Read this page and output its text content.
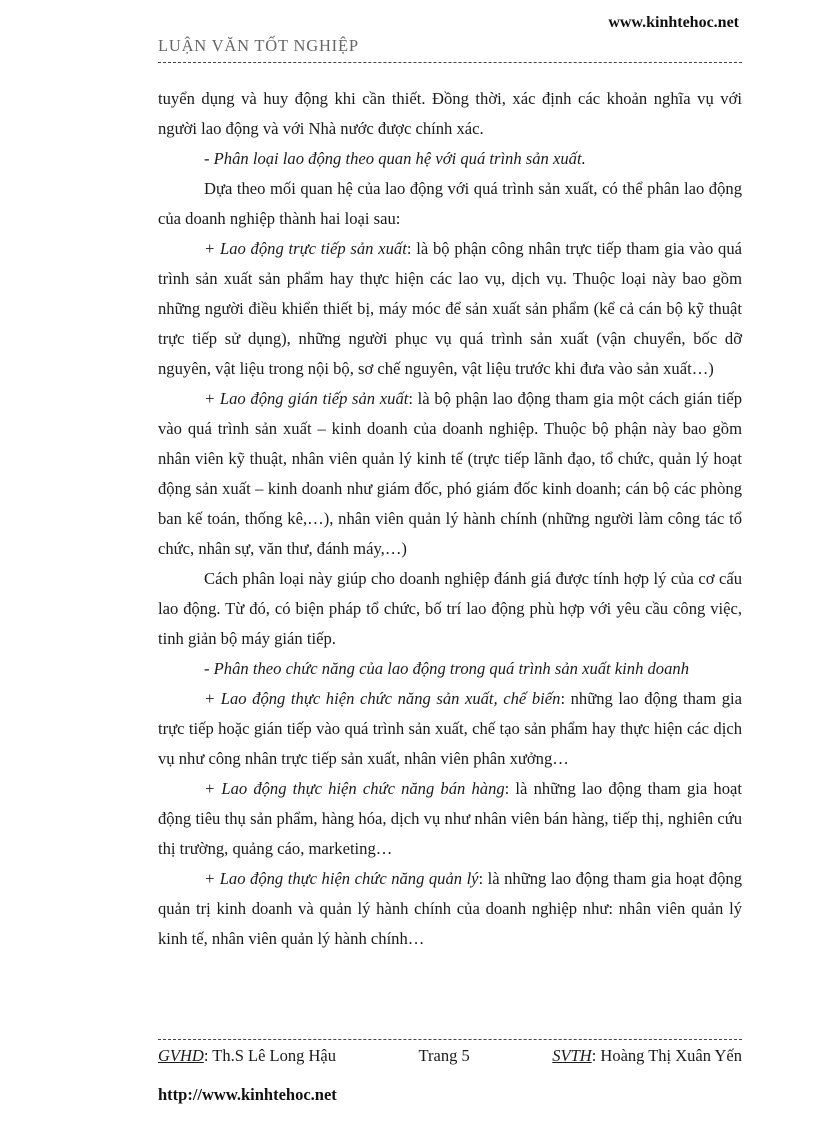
www.kinhtehoc.net
LUẬN VĂN TỐT NGHIỆP

tuyển dụng và huy động khi cần thiết. Đồng thời, xác định các khoản nghĩa vụ với người lao động và với Nhà nước được chính xác.

- Phân loại lao động theo quan hệ với quá trình sản xuất.

Dựa theo mối quan hệ của lao động với quá trình sản xuất, có thể phân lao động của doanh nghiệp thành hai loại sau:

+ Lao động trực tiếp sản xuất: là bộ phận công nhân trực tiếp tham gia vào quá trình sản xuất sản phẩm hay thực hiện các lao vụ, dịch vụ. Thuộc loại này bao gồm những người điều khiển thiết bị, máy móc để sản xuất sản phẩm (kể cả cán bộ kỹ thuật trực tiếp sử dụng), những người phục vụ quá trình sản xuất (vận chuyển, bốc dỡ nguyên, vật liệu trong nội bộ, sơ chế nguyên, vật liệu trước khi đưa vào sản xuất…)

+ Lao động gián tiếp sản xuất: là bộ phận lao động tham gia một cách gián tiếp vào quá trình sản xuất – kinh doanh của doanh nghiệp. Thuộc bộ phận này bao gồm nhân viên kỹ thuật, nhân viên quản lý kinh tế (trực tiếp lãnh đạo, tổ chức, quản lý hoạt động sản xuất – kinh doanh như giám đốc, phó giám đốc kinh doanh; cán bộ các phòng ban kế toán, thống kê,…), nhân viên quản lý hành chính (những người làm công tác tổ chức, nhân sự, văn thư, đánh máy,…)

Cách phân loại này giúp cho doanh nghiệp đánh giá được tính hợp lý của cơ cấu lao động. Từ đó, có biện pháp tổ chức, bố trí lao động phù hợp với yêu cầu công việc, tinh giản bộ máy gián tiếp.

- Phân theo chức năng của lao động trong quá trình sản xuất kinh doanh

+ Lao động thực hiện chức năng sản xuất, chế biến: những lao động tham gia trực tiếp hoặc gián tiếp vào quá trình sản xuất, chế tạo sản phẩm hay thực hiện các dịch vụ như công nhân trực tiếp sản xuất, nhân viên phân xưởng…

+ Lao động thực hiện chức năng bán hàng: là những lao động tham gia hoạt động tiêu thụ sản phẩm, hàng hóa, dịch vụ như nhân viên bán hàng, tiếp thị, nghiên cứu thị trường, quảng cáo, marketing…

+ Lao động thực hiện chức năng quản lý: là những lao động tham gia hoạt động quản trị kinh doanh và quản lý hành chính của doanh nghiệp như: nhân viên quản lý kinh tế, nhân viên quản lý hành chính…

GVHD: Th.S Lê Long Hậu	Trang 5	SVTH: Hoàng Thị Xuân Yến
http://www.kinhtehoc.net
